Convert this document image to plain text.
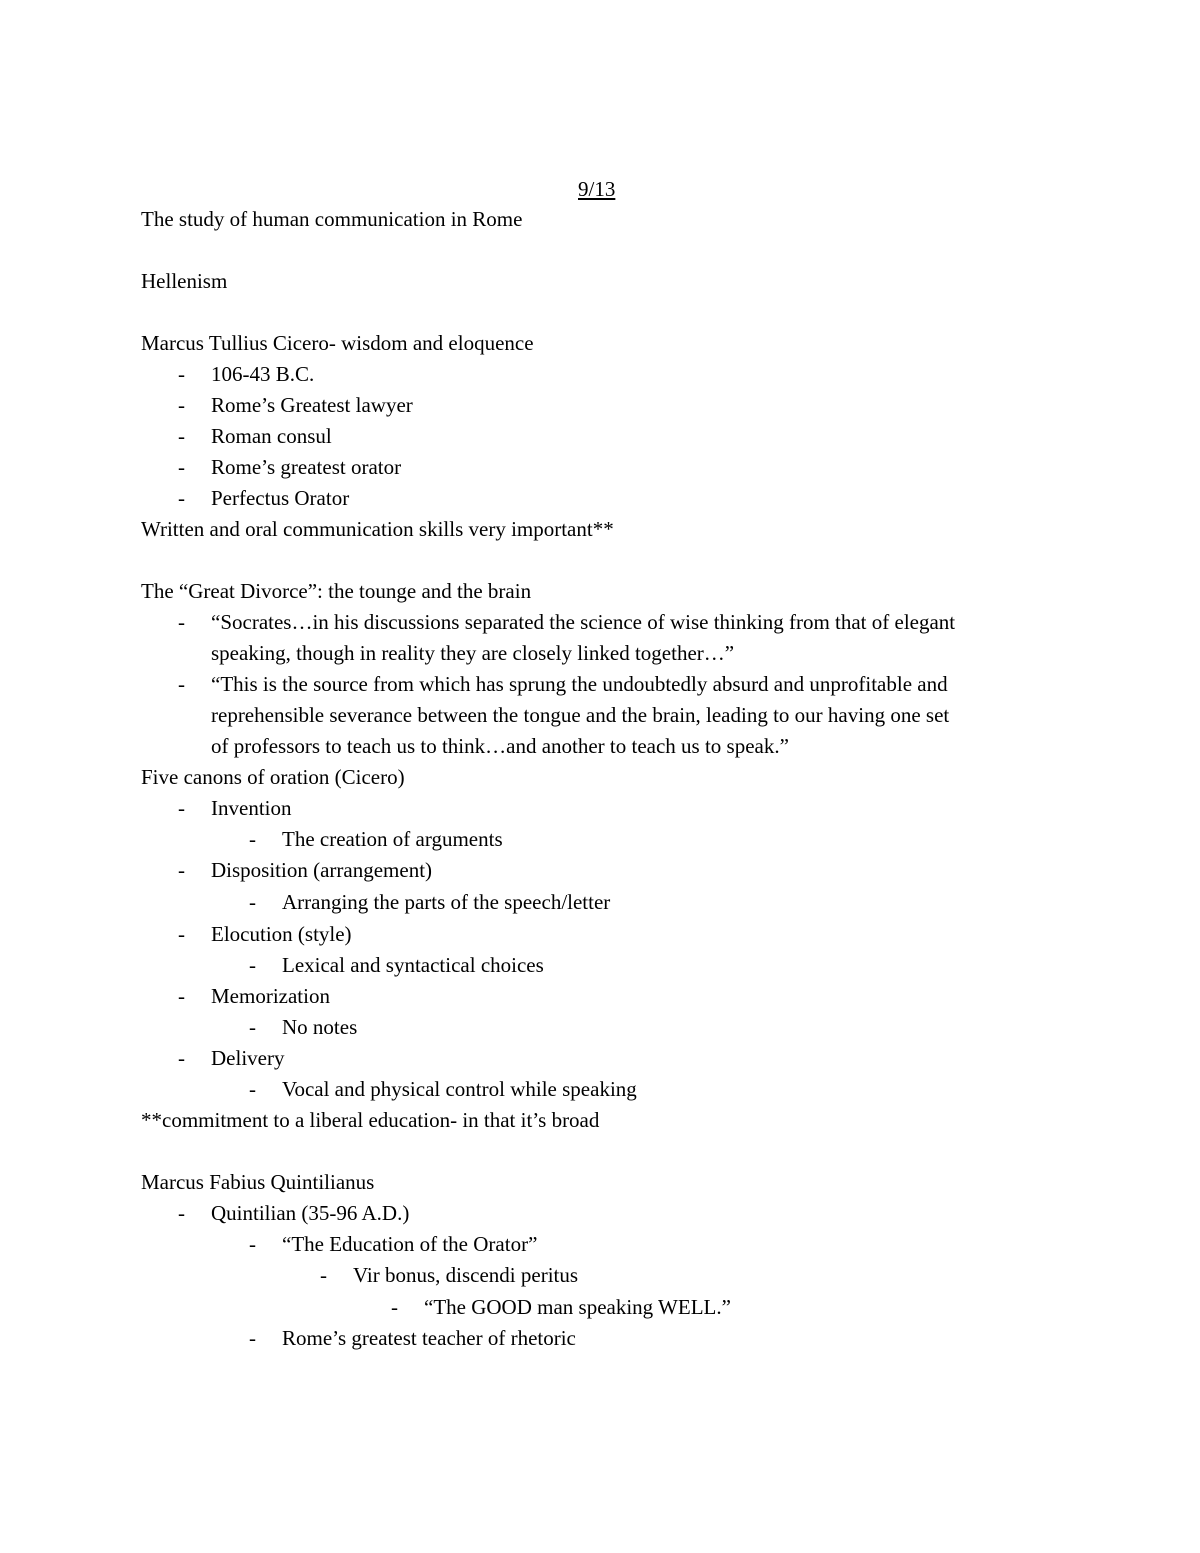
9/13
The study of human communication in Rome
Hellenism
Marcus Tullius Cicero- wisdom and eloquence
- 106-43 B.C.
- Rome’s Greatest lawyer
- Roman consul
- Rome’s greatest orator
- Perfectus Orator
Written and oral communication skills very important**
The “Great Divorce”: the tounge and the brain
- “Socrates…in his discussions separated the science of wise thinking from that of elegant
speaking, though in reality they are closely linked together…”
- “This is the source from which has sprung the undoubtedly absurd and unprofitable and
reprehensible severance between the tongue and the brain, leading to our having one set
of professors to teach us to think…and another to teach us to speak.”
Five canons of oration (Cicero)
- Invention
- The creation of arguments
- Disposition (arrangement)
- Arranging the parts of the speech/letter
- Elocution (style)
- Lexical and syntactical choices
- Memorization
- No notes
- Delivery
- Vocal and physical control while speaking
**commitment to a liberal education- in that it’s broad
Marcus Fabius Quintilianus
- Quintilian (35-96 A.D.)
- “The Education of the Orator”
- Vir bonus, discendi peritus
- “The GOOD man speaking WELL.”
- Rome’s greatest teacher of rhetoric
